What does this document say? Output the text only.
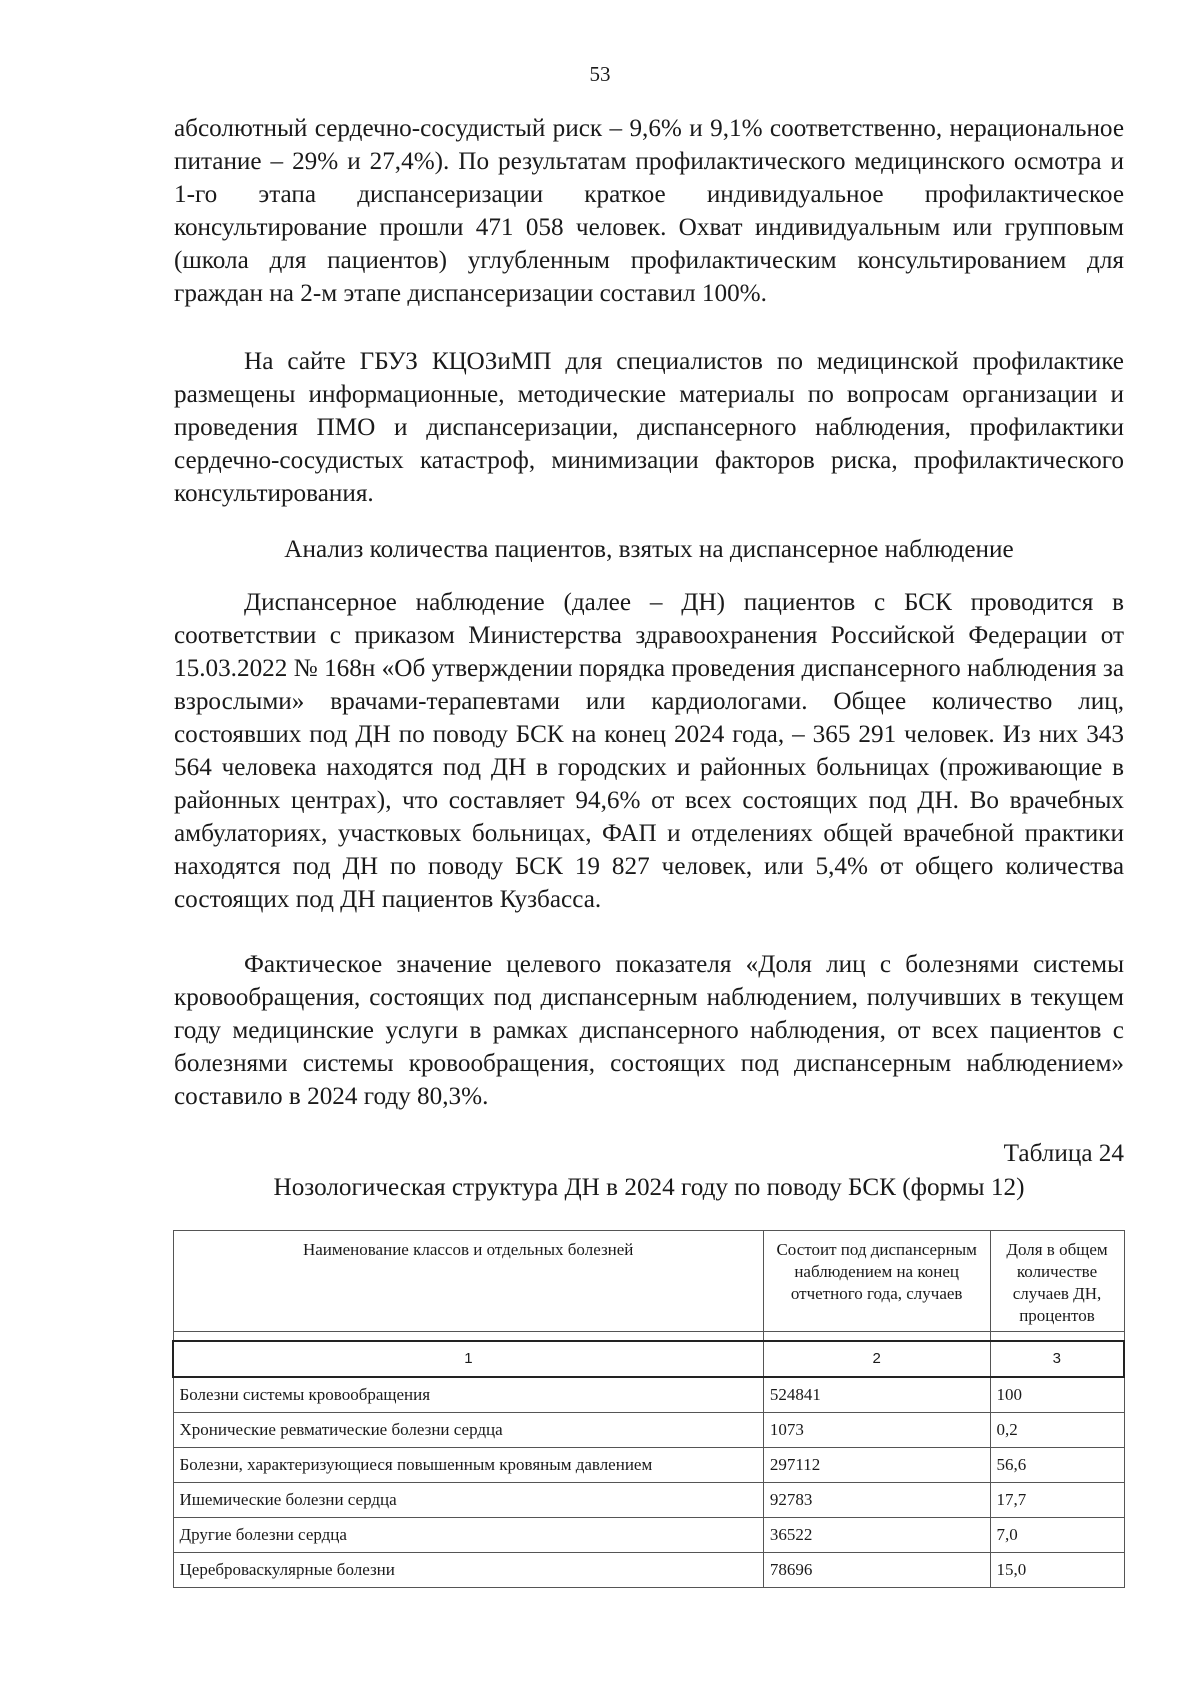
53

абсолютный сердечно-сосудистый риск – 9,6% и 9,1% соответственно, нерациональное питание – 29% и 27,4%). По результатам профилактического медицинского осмотра и 1-го этапа диспансеризации краткое индивидуальное профилактическое консультирование прошли 471 058 человек. Охват индивидуальным или групповым (школа для пациентов) углубленным профилактическим консультированием для граждан на 2-м этапе диспансеризации составил 100%.

На сайте ГБУЗ КЦОЗиМП для специалистов по медицинской профилактике размещены информационные, методические материалы по вопросам организации и проведения ПМО и диспансеризации, диспансерного наблюдения, профилактики сердечно-сосудистых катастроф, минимизации факторов риска, профилактического консультирования.

Анализ количества пациентов, взятых на диспансерное наблюдение

Диспансерное наблюдение (далее – ДН) пациентов с БСК проводится в соответствии с приказом Министерства здравоохранения Российской Федерации от 15.03.2022 № 168н «Об утверждении порядка проведения диспансерного наблюдения за взрослыми» врачами-терапевтами или кардиологами. Общее количество лиц, состоявших под ДН по поводу БСК на конец 2024 года, – 365 291 человек. Из них 343 564 человека находятся под ДН в городских и районных больницах (проживающие в районных центрах), что составляет 94,6% от всех состоящих под ДН. Во врачебных амбулаториях, участковых больницах, ФАП и отделениях общей врачебной практики находятся под ДН по поводу БСК 19 827 человек, или 5,4% от общего количества состоящих под ДН пациентов Кузбасса.

Фактическое значение целевого показателя «Доля лиц с болезнями системы кровообращения, состоящих под диспансерным наблюдением, получивших в текущем году медицинские услуги в рамках диспансерного наблюдения, от всех пациентов с болезнями системы кровообращения, состоящих под диспансерным наблюдением» составило в 2024 году 80,3%.

Таблица 24
Нозологическая структура ДН в 2024 году по поводу БСК (формы 12)
Наименование классов и отдельных болезней	Состоит под диспансерным наблюдением на конец отчетного года, случаев	Доля в общем количестве случаев ДН, процентов

1	2	3
Болезни системы кровообращения	524841	100
Хронические ревматические болезни сердца	1073	0,2
Болезни, характеризующиеся повышенным кровяным давлением	297112	56,6
Ишемические болезни сердца	92783	17,7
Другие болезни сердца	36522	7,0
Цереброваскулярные болезни	78696	15,0
